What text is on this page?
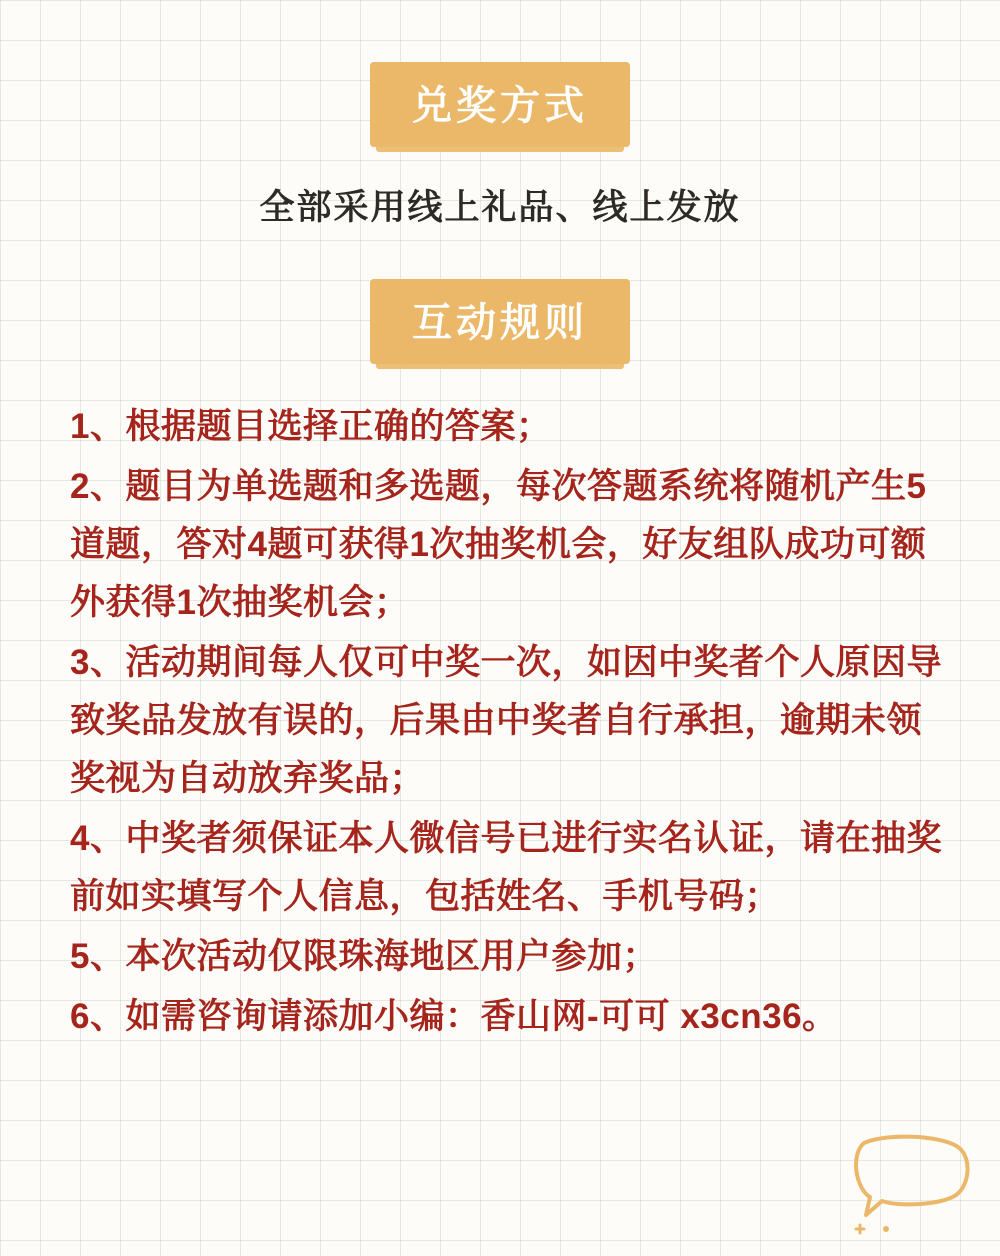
兑奖方式
全部采用线上礼品、线上发放
互动规则

1、根据题目选择正确的答案；

2、题目为单选题和多选题，每次答题系统将随机产生5道题，答对4题可获得1次抽奖机会，好友组队成功可额外获得1次抽奖机会；

3、活动期间每人仅可中奖一次，如因中奖者个人原因导致奖品发放有误的，后果由中奖者自行承担，逾期未领奖视为自动放弃奖品；

4、中奖者须保证本人微信号已进行实名认证，请在抽奖前如实填写个人信息，包括姓名、手机号码；

5、本次活动仅限珠海地区用户参加；

6、如需咨询请添加小编：香山网-可可 x3cn36。
